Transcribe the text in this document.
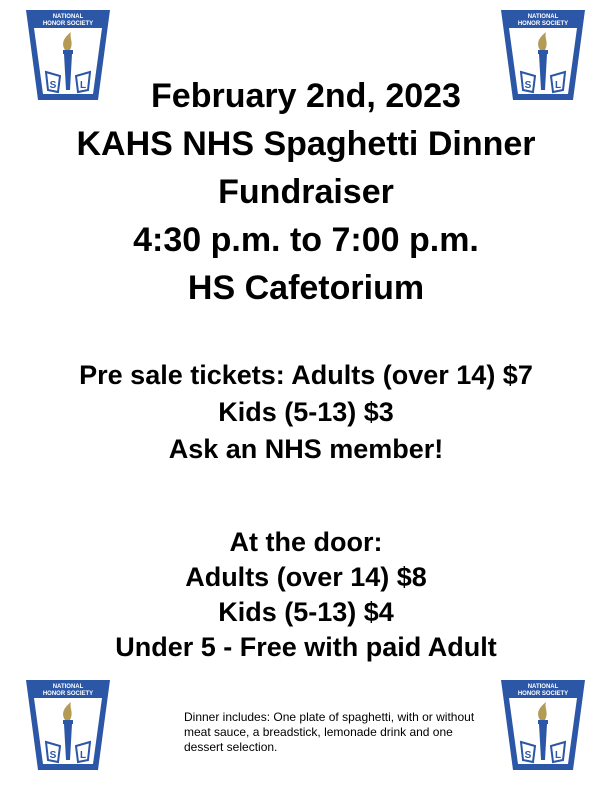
NATIONAL
HONOR SOCIETY
S L
NATIONAL
HONOR SOCIETY
S L
NATIONAL
HONOR SOCIETY
S L
NATIONAL
HONOR SOCIETY
S L
February 2nd, 2023
KAHS NHS Spaghetti Dinner
Fundraiser
4:30 p.m. to 7:00 p.m.
HS Cafetorium
Pre sale tickets: Adults (over 14) $7
Kids (5-13) $3
Ask an NHS member!
At the door:
Adults (over 14) $8
Kids (5-13) $4
Under 5 - Free with paid Adult
Dinner includes: One plate of spaghetti, with or without meat sauce, a breadstick, lemonade drink and one dessert selection.
